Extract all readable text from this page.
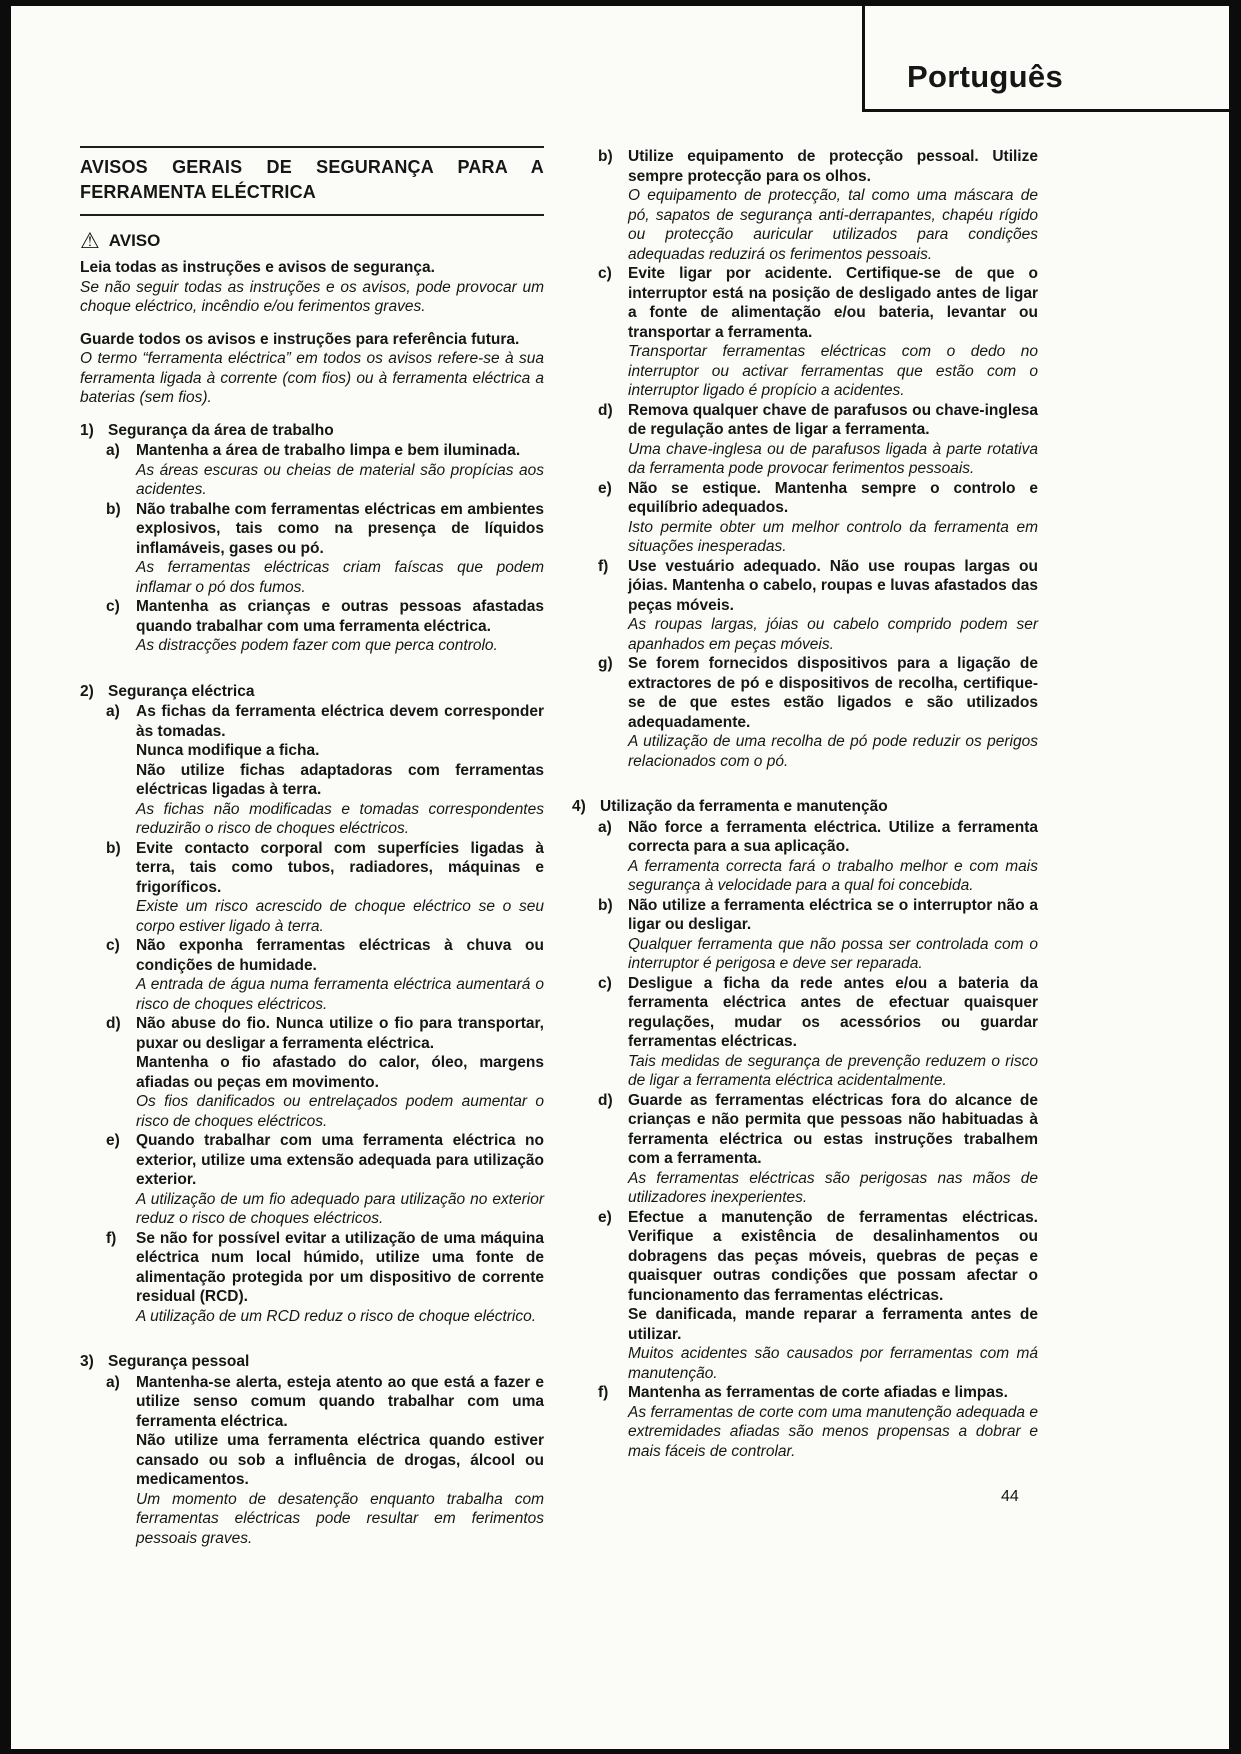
Português
AVISOS GERAIS DE SEGURANÇA PARA A FERRAMENTA ELÉCTRICA
⚠ AVISO

Leia todas as instruções e avisos de segurança.

Se não seguir todas as instruções e os avisos, pode provocar um choque eléctrico, incêndio e/ou ferimentos graves.

Guarde todos os avisos e instruções para referência futura.

O termo “ferramenta eléctrica” em todos os avisos refere-se à sua ferramenta ligada à corrente (com fios) ou à ferramenta eléctrica a baterias (sem fios).

1) Segurança da área de trabalho
a) Mantenha a área de trabalho limpa e bem iluminada.

As áreas escuras ou cheias de material são propícias aos acidentes.

b) Não trabalhe com ferramentas eléctricas em ambientes explosivos, tais como na presença de líquidos inflamáveis, gases ou pó.

As ferramentas eléctricas criam faíscas que podem inflamar o pó dos fumos.

c) Mantenha as crianças e outras pessoas afastadas quando trabalhar com uma ferramenta eléctrica.

As distracções podem fazer com que perca controlo.

2) Segurança eléctrica
a) As fichas da ferramenta eléctrica devem corresponder às tomadas.

Nunca modifique a ficha.

Não utilize fichas adaptadoras com ferramentas eléctricas ligadas à terra.

As fichas não modificadas e tomadas correspondentes reduzirão o risco de choques eléctricos.

b) Evite contacto corporal com superfícies ligadas à terra, tais como tubos, radiadores, máquinas e frigoríficos.

Existe um risco acrescido de choque eléctrico se o seu corpo estiver ligado à terra.

c) Não exponha ferramentas eléctricas à chuva ou condições de humidade.

A entrada de água numa ferramenta eléctrica aumentará o risco de choques eléctricos.

d) Não abuse do fio. Nunca utilize o fio para transportar, puxar ou desligar a ferramenta eléctrica.

Mantenha o fio afastado do calor, óleo, margens afiadas ou peças em movimento.

Os fios danificados ou entrelaçados podem aumentar o risco de choques eléctricos.

e) Quando trabalhar com uma ferramenta eléctrica no exterior, utilize uma extensão adequada para utilização exterior.

A utilização de um fio adequado para utilização no exterior reduz o risco de choques eléctricos.

f) Se não for possível evitar a utilização de uma máquina eléctrica num local húmido, utilize uma fonte de alimentação protegida por um dispositivo de corrente residual (RCD).

A utilização de um RCD reduz o risco de choque eléctrico.

3) Segurança pessoal
a) Mantenha-se alerta, esteja atento ao que está a fazer e utilize senso comum quando trabalhar com uma ferramenta eléctrica.

Não utilize uma ferramenta eléctrica quando estiver cansado ou sob a influência de drogas, álcool ou medicamentos.

Um momento de desatenção enquanto trabalha com ferramentas eléctricas pode resultar em ferimentos pessoais graves.

b) Utilize equipamento de protecção pessoal. Utilize sempre protecção para os olhos.

O equipamento de protecção, tal como uma máscara de pó, sapatos de segurança anti-derrapantes, chapéu rígido ou protecção auricular utilizados para condições adequadas reduzirá os ferimentos pessoais.

c) Evite ligar por acidente. Certifique-se de que o interruptor está na posição de desligado antes de ligar a fonte de alimentação e/ou bateria, levantar ou transportar a ferramenta.

Transportar ferramentas eléctricas com o dedo no interruptor ou activar ferramentas que estão com o interruptor ligado é propício a acidentes.

d) Remova qualquer chave de parafusos ou chave-inglesa de regulação antes de ligar a ferramenta.

Uma chave-inglesa ou de parafusos ligada à parte rotativa da ferramenta pode provocar ferimentos pessoais.

e) Não se estique. Mantenha sempre o controlo e equilíbrio adequados.

Isto permite obter um melhor controlo da ferramenta em situações inesperadas.

f) Use vestuário adequado. Não use roupas largas ou jóias. Mantenha o cabelo, roupas e luvas afastados das peças móveis.

As roupas largas, jóias ou cabelo comprido podem ser apanhados em peças móveis.

g) Se forem fornecidos dispositivos para a ligação de extractores de pó e dispositivos de recolha, certifique-se de que estes estão ligados e são utilizados adequadamente.

A utilização de uma recolha de pó pode reduzir os perigos relacionados com o pó.

4) Utilização da ferramenta e manutenção
a) Não force a ferramenta eléctrica. Utilize a ferramenta correcta para a sua aplicação.

A ferramenta correcta fará o trabalho melhor e com mais segurança à velocidade para a qual foi concebida.

b) Não utilize a ferramenta eléctrica se o interruptor não a ligar ou desligar.

Qualquer ferramenta que não possa ser controlada com o interruptor é perigosa e deve ser reparada.

c) Desligue a ficha da rede antes e/ou a bateria da ferramenta eléctrica antes de efectuar quaisquer regulações, mudar os acessórios ou guardar ferramentas eléctricas.

Tais medidas de segurança de prevenção reduzem o risco de ligar a ferramenta eléctrica acidentalmente.

d) Guarde as ferramentas eléctricas fora do alcance de crianças e não permita que pessoas não habituadas à ferramenta eléctrica ou estas instruções trabalhem com a ferramenta.

As ferramentas eléctricas são perigosas nas mãos de utilizadores inexperientes.

e) Efectue a manutenção de ferramentas eléctricas. Verifique a existência de desalinhamentos ou dobragens das peças móveis, quebras de peças e quaisquer outras condições que possam afectar o funcionamento das ferramentas eléctricas.

Se danificada, mande reparar a ferramenta antes de utilizar.

Muitos acidentes são causados por ferramentas com má manutenção.

f) Mantenha as ferramentas de corte afiadas e limpas.

As ferramentas de corte com uma manutenção adequada e extremidades afiadas são menos propensas a dobrar e mais fáceis de controlar.

44
